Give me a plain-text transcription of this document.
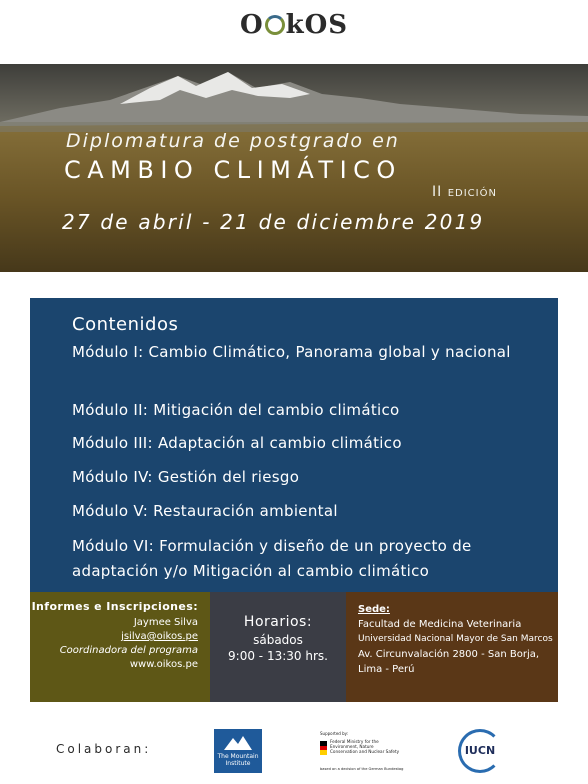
O kOS
Diplomatura de postgrado en
CAMBIO CLIMÁTICO
II EDICIÓN
27 de abril - 21 de diciembre 2019
Contenidos
Módulo I: Cambio Climático, Panorama global y nacional
Módulo II: Mitigación del cambio climático
Módulo III: Adaptación al cambio climático
Módulo IV: Gestión del riesgo
Módulo V: Restauración ambiental
Módulo VI: Formulación y diseño de un proyecto de adaptación y/o Mitigación al cambio climático
Informes e Inscripciones:
Jaymee Silva
jsilva@oikos.pe
Coordinadora del programa
www.oikos.pe
Horarios:
sábados
9:00 - 13:30 hrs.
Sede:
Facultad de Medicina Veterinaria
Universidad Nacional Mayor de San Marcos
Av. Circunvalación 2800 - San Borja,
Lima - Perú
Colaboran:
The Mountain Institute
Supported by:
Federal Ministry for the Environment, Nature Conservation and Nuclear Safety
based on a decision of the German Bundestag
IUCN
